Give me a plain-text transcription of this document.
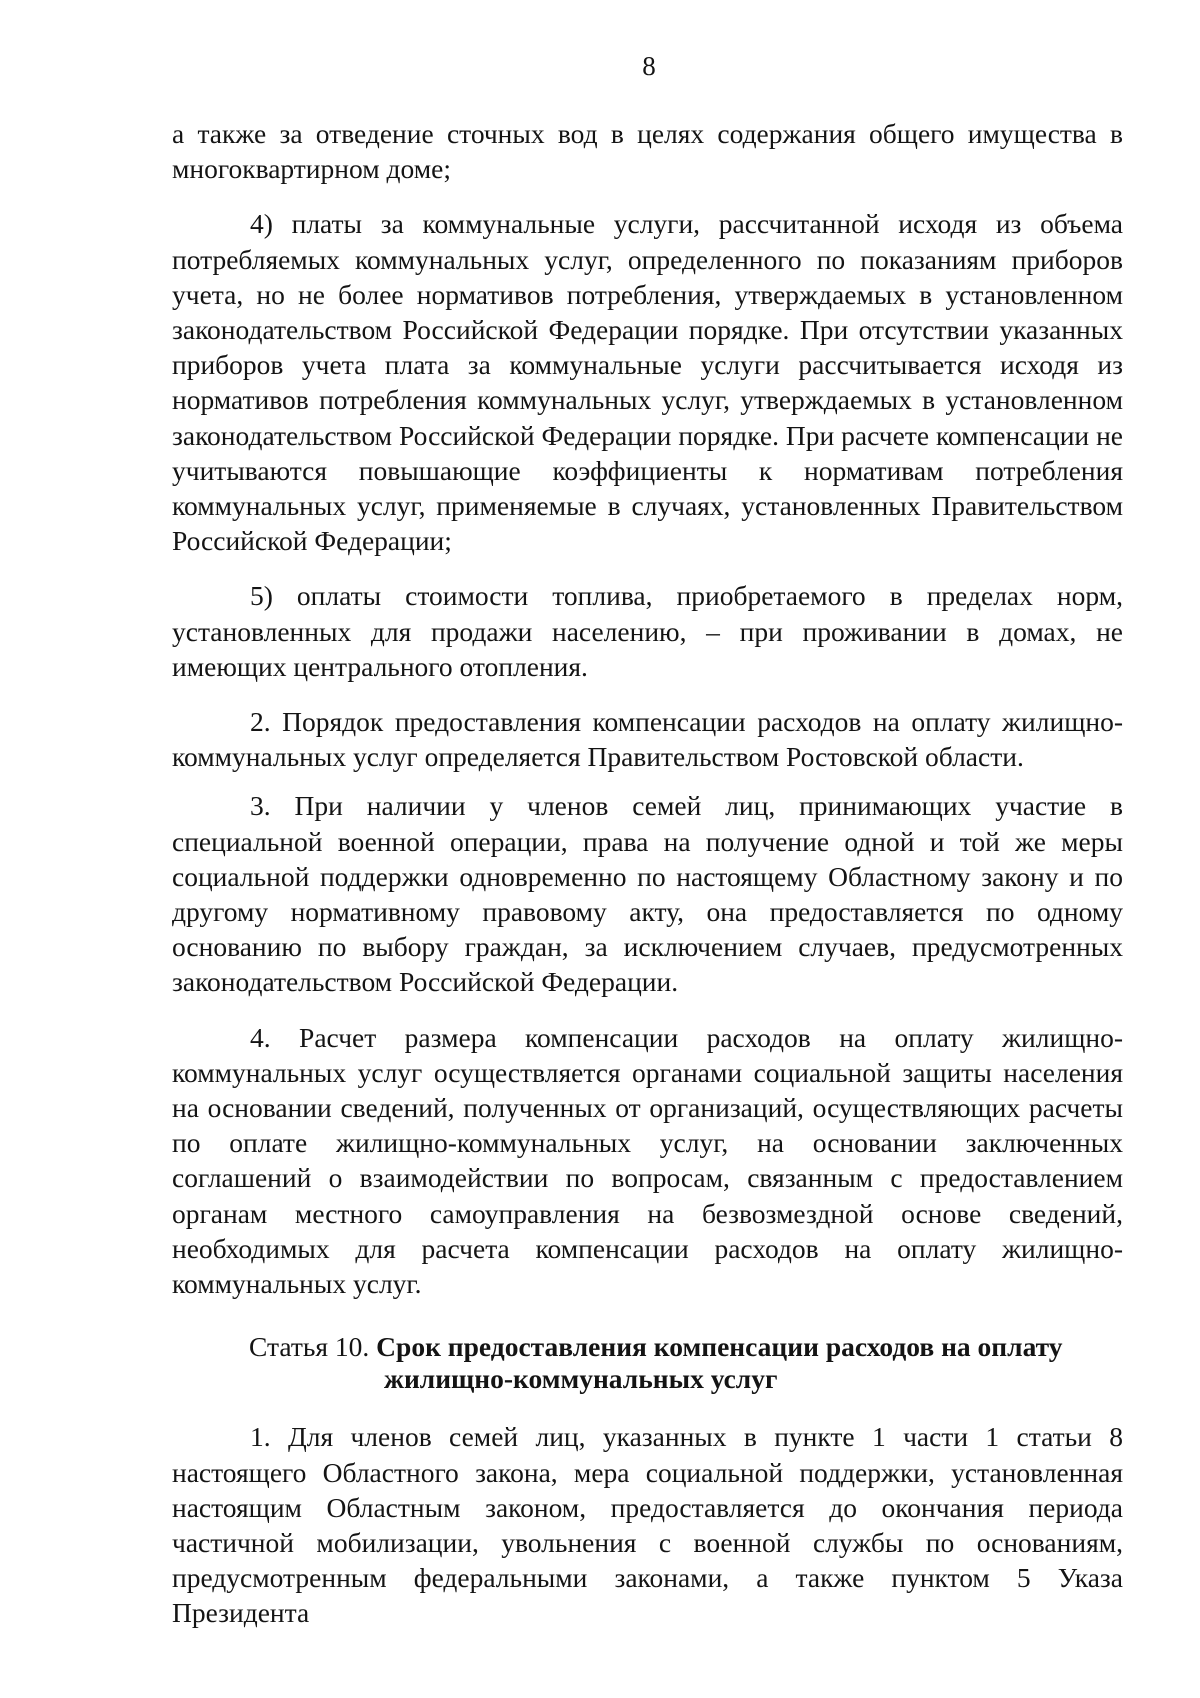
8

а также за отведение сточных вод в целях содержания общего имущества в многоквартирном доме;

4) платы за коммунальные услуги, рассчитанной исходя из объема потребляемых коммунальных услуг, определенного по показаниям приборов учета, но не более нормативов потребления, утверждаемых в установленном законодательством Российской Федерации порядке. При отсутствии указанных приборов учета плата за коммунальные услуги рассчитывается исходя из нормативов потребления коммунальных услуг, утверждаемых в установленном законодательством Российской Федерации порядке. При расчете компенсации не учитываются повышающие коэффициенты к нормативам потребления коммунальных услуг, применяемые в случаях, установленных Правительством Российской Федерации;

5) оплаты стоимости топлива, приобретаемого в пределах норм, установленных для продажи населению, – при проживании в домах, не имеющих центрального отопления.

2. Порядок предоставления компенсации расходов на оплату жилищно-коммунальных услуг определяется Правительством Ростовской области.

3. При наличии у членов семей лиц, принимающих участие в специальной военной операции, права на получение одной и той же меры социальной поддержки одновременно по настоящему Областному закону и по другому нормативному правовому акту, она предоставляется по одному основанию по выбору граждан, за исключением случаев, предусмотренных законодательством Российской Федерации.

4. Расчет размера компенсации расходов на оплату жилищно-коммунальных услуг осуществляется органами социальной защиты населения на основании сведений, полученных от организаций, осуществляющих расчеты по оплате жилищно-коммунальных услуг, на основании заключенных соглашений о взаимодействии по вопросам, связанным с предоставлением органам местного самоуправления на безвозмездной основе сведений, необходимых для расчета компенсации расходов на оплату жилищно-коммунальных услуг.

Статья 10. Срок предоставления компенсации расходов на оплату
жилищно-коммунальных услуг

1. Для членов семей лиц, указанных в пункте 1 части 1 статьи 8 настоящего Областного закона, мера социальной поддержки, установленная настоящим Областным законом, предоставляется до окончания периода частичной мобилизации, увольнения с военной службы по основаниям, предусмотренным федеральными законами, а также пунктом 5 Указа Президента
